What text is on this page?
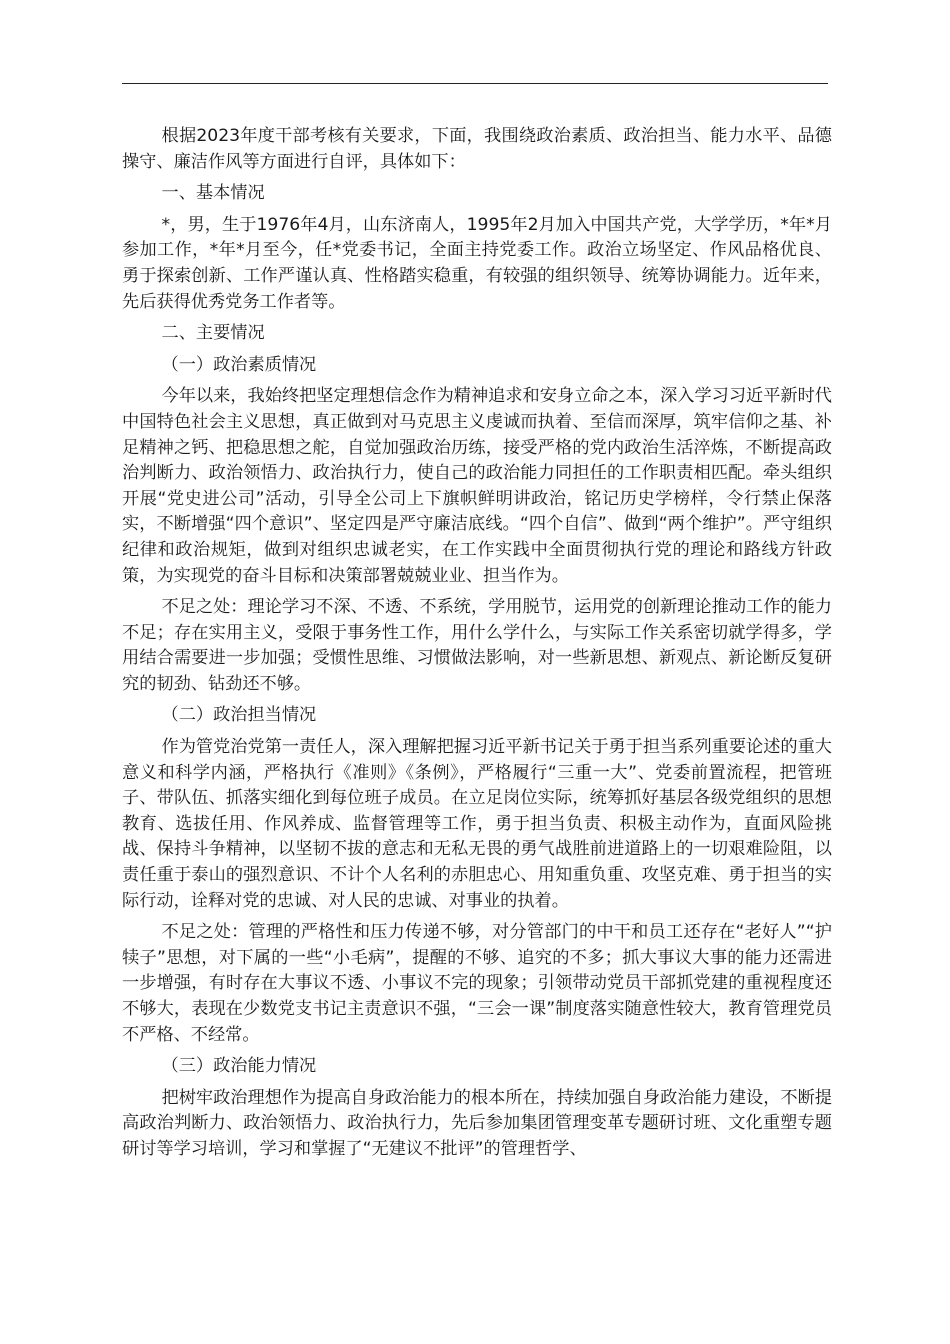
根据2023年度干部考核有关要求，下面，我围绕政治素质、政治担当、能力水平、品德操守、廉洁作风等方面进行自评，具体如下：

一、基本情况

*，男，生于1976年4月，山东济南人，1995年2月加入中国共产党，大学学历，*年*月参加工作，*年*月至今，任*党委书记，全面主持党委工作。政治立场坚定、作风品格优良、勇于探索创新、工作严谨认真、性格踏实稳重，有较强的组织领导、统筹协调能力。近年来，先后获得优秀党务工作者等。

二、主要情况

（一）政治素质情况

今年以来，我始终把坚定理想信念作为精神追求和安身立命之本，深入学习习近平新时代中国特色社会主义思想，真正做到对马克思主义虔诚而执着、至信而深厚，筑牢信仰之基、补足精神之钙、把稳思想之舵，自觉加强政治历练，接受严格的党内政治生活淬炼，不断提高政治判断力、政治领悟力、政治执行力，使自己的政治能力同担任的工作职责相匹配。牵头组织开展“党史进公司”活动，引导全公司上下旗帜鲜明讲政治，铭记历史学榜样，令行禁止保落实，不断增强“四个意识”、坚定四是严守廉洁底线。“四个自信”、做到“两个维护”。严守组织纪律和政治规矩，做到对组织忠诚老实，在工作实践中全面贯彻执行党的理论和路线方针政策，为实现党的奋斗目标和决策部署兢兢业业、担当作为。

不足之处：理论学习不深、不透、不系统，学用脱节，运用党的创新理论推动工作的能力不足；存在实用主义，受限于事务性工作，用什么学什么，与实际工作关系密切就学得多，学用结合需要进一步加强；受惯性思维、习惯做法影响，对一些新思想、新观点、新论断反复研究的韧劲、钻劲还不够。

（二）政治担当情况

作为管党治党第一责任人，深入理解把握习近平新书记关于勇于担当系列重要论述的重大意义和科学内涵，严格执行《准则》《条例》，严格履行“三重一大”、党委前置流程，把管班子、带队伍、抓落实细化到每位班子成员。在立足岗位实际，统筹抓好基层各级党组织的思想教育、选拔任用、作风养成、监督管理等工作，勇于担当负责、积极主动作为，直面风险挑战、保持斗争精神，以坚韧不拔的意志和无私无畏的勇气战胜前进道路上的一切艰难险阻，以责任重于泰山的强烈意识、不计个人名利的赤胆忠心、用知重负重、攻坚克难、勇于担当的实际行动，诠释对党的忠诚、对人民的忠诚、对事业的执着。

不足之处：管理的严格性和压力传递不够，对分管部门的中干和员工还存在“老好人”“护犊子”思想，对下属的一些“小毛病”，提醒的不够、追究的不多；抓大事议大事的能力还需进一步增强，有时存在大事议不透、小事议不完的现象；引领带动党员干部抓党建的重视程度还不够大，表现在少数党支书记主责意识不强，“三会一课”制度落实随意性较大，教育管理党员不严格、不经常。

（三）政治能力情况

把树牢政治理想作为提高自身政治能力的根本所在，持续加强自身政治能力建设，不断提高政治判断力、政治领悟力、政治执行力，先后参加集团管理变革专题研讨班、文化重塑专题研讨等学习培训，学习和掌握了“无建议不批评”的管理哲学、
